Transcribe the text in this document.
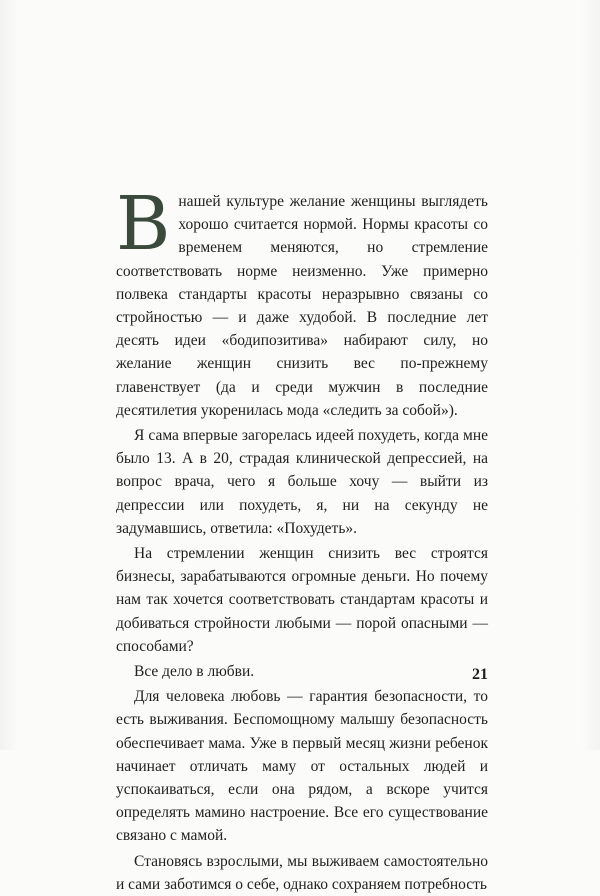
Внашей культуре желание женщины выглядеть хорошо считается нормой. Нормы красоты со временем меняются, но стремление соответствовать норме неизменно. Уже примерно полвека стандарты красоты неразрывно связаны со стройностью — и даже худобой. В последние лет десять идеи «бодипозитива» набирают силу, но желание женщин снизить вес по-прежнему главенствует (да и среди мужчин в последние десятилетия укоренилась мода «следить за собой»).

Я сама впервые загорелась идеей похудеть, когда мне было 13. А в 20, страдая клинической депрессией, на вопрос врача, чего я больше хочу — выйти из депрессии или похудеть, я, ни на секунду не задумавшись, ответила: «Похудеть».

На стремлении женщин снизить вес строятся бизнесы, зарабатываются огромные деньги. Но почему нам так хочется соответствовать стандартам красоты и добиваться стройности любыми — порой опасными — способами?

Все дело в любви.

Для человека любовь — гарантия безопасности, то есть выживания. Беспомощному малышу безопасность обеспечивает мама. Уже в первый месяц жизни ребенок начинает отличать маму от остальных людей и успокаиваться, если она рядом, а вскоре учится определять мамино настроение. Все его существование связано с мамой.

Становясь взрослыми, мы выживаем самостоятельно и сами заботимся о себе, однако сохраняем потребность

21
